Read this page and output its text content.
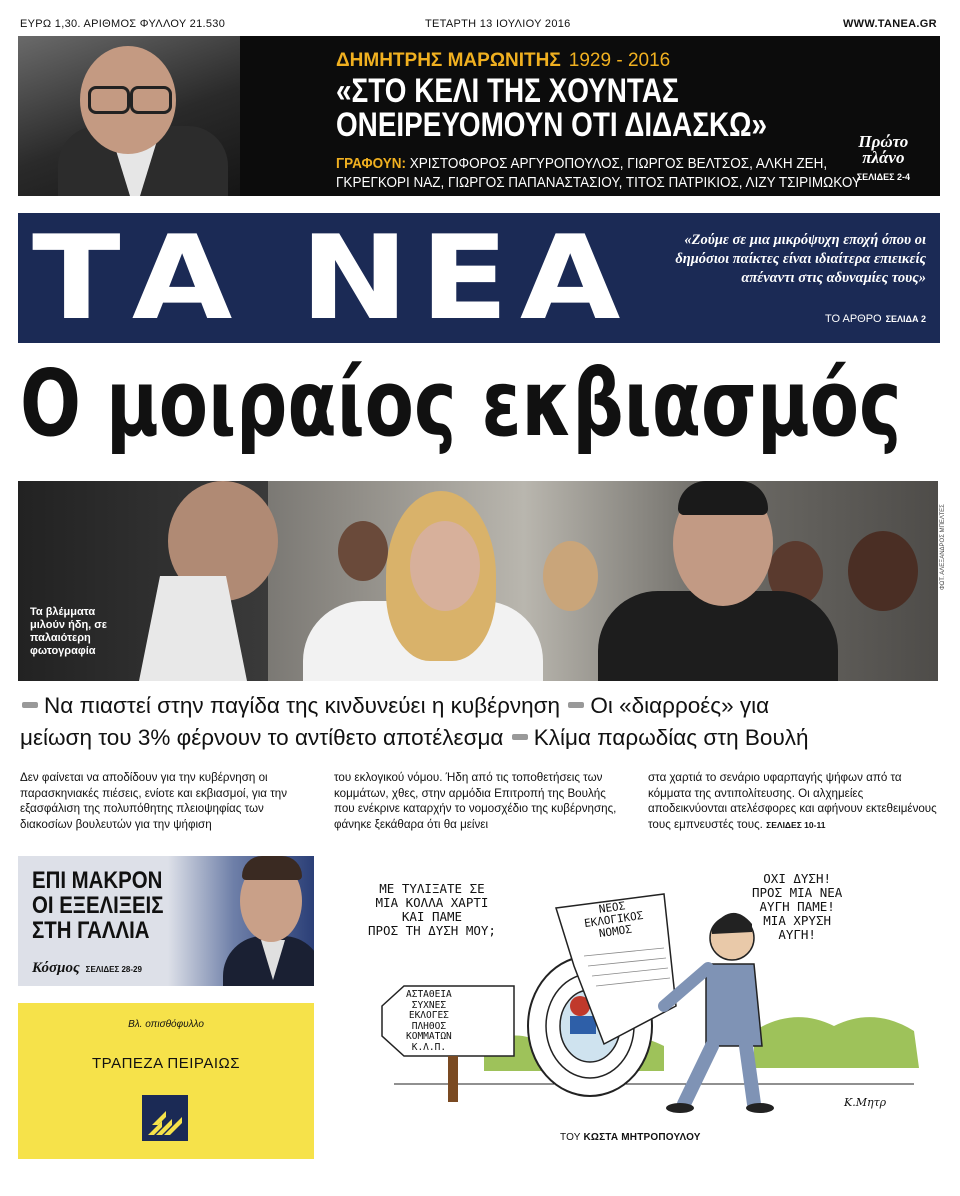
ΕΥΡΩ 1,30. ΑΡΙΘΜΟΣ ΦΥΛΛΟΥ 21.530	ΤΕΤΑΡΤΗ 13 ΙΟΥΛΙΟΥ 2016	WWW.TANEA.GR
ΔΗΜΗΤΡΗΣ ΜΑΡΩΝΙΤΗΣ 1929 - 2016
«ΣΤΟ ΚΕΛΙ ΤΗΣ ΧΟΥΝΤΑΣ
ΟΝΕΙΡΕΥΟΜΟΥΝ ΟΤΙ ΔΙΔΑΣΚΩ»
ΓΡΑΦΟΥΝ: ΧΡΙΣΤΟΦΟΡΟΣ ΑΡΓΥΡΟΠΟΥΛΟΣ, ΓΙΩΡΓΟΣ ΒΕΛΤΣΟΣ, ΑΛΚΗ ΖΕΗ,
ΓΚΡΕΓΚΟΡΙ ΝΑΖ, ΓΙΩΡΓΟΣ ΠΑΠΑΝΑΣΤΑΣΙΟΥ, ΤΙΤΟΣ ΠΑΤΡΙΚΙΟΣ, ΛΙΖΥ ΤΣΙΡΙΜΩΚΟΥ
Πρώτο
πλάνο
ΣΕΛΙΔΕΣ 2-4
ΤΑ ΝΕΑ	«Ζούμε σε μια μικρόψυχη εποχή όπου οι δημόσιοι παίκτες είναι ιδιαίτερα επιεικείς απέναντι στις αδυναμίες τους»
ΤΟ ΑΡΘΡΟ ΣΕΛΙΔΑ 2
Ο μοιραίος εκβιασμός
Τα βλέμματα μιλούν ήδη, σε παλαιότερη φωτογραφία
ΦΩΤ. ΑΛΕΞΑΝΔΡΟΣ ΜΠΕΛΤΕΣ
Να πιαστεί στην παγίδα της κινδυνεύει η κυβέρνηση Οι «διαρροές» για
μείωση του 3% φέρνουν το αντίθετο αποτέλεσμα Κλίμα παρωδίας στη Βουλή
Δεν φαίνεται να αποδίδουν για την κυβέρνηση οι παρασκηνιακές πιέσεις, ενίοτε και εκβιασμοί, για την εξασφάλιση της πολυπόθητης πλειοψηφίας των διακοσίων βουλευτών για την ψήφιση
του εκλογικού νόμου. Ήδη από τις τοποθετήσεις των κομμάτων, χθες, στην αρμόδια Επιτροπή της Βουλής που ενέκρινε καταρχήν το νομοσχέδιο της κυβέρνησης, φάνηκε ξεκάθαρα ότι θα μείνει
στα χαρτιά το σενάριο υφαρπαγής ψήφων από τα κόμματα της αντιπολίτευσης. Οι αλχημείες αποδεικνύονται ατελέσφορες και αφήνουν εκτεθειμένους τους εμπνευστές τους. ΣΕΛΙΔΕΣ 10-11
ΕΠΙ ΜΑΚΡΟΝ
ΟΙ ΕΞΕΛΙΞΕΙΣ
ΣΤΗ ΓΑΛΛΙΑ
Κόσμος ΣΕΛΙΔΕΣ 28-29
Βλ. οπισθόφυλλο
ΤΡΑΠΕΖΑ ΠΕΙΡΑΙΩΣ
ΜΕ ΤΥΛΙΞΑΤΕ ΣΕ
ΜΙΑ ΚΟΛΛΑ ΧΑΡΤΙ
ΚΑΙ ΠΑΜΕ
ΠΡΟΣ ΤΗ ΔΥΣΗ ΜΟΥ;
ΟΧΙ ΔΥΣΗ!
ΠΡΟΣ ΜΙΑ ΝΕΑ
ΑΥΓΗ ΠΑΜΕ!
ΜΙΑ ΧΡΥΣΗ
ΑΥΓΗ!
ΝΕΟΣ
ΕΚΛΟΓΙΚΟΣ
ΝΟΜΟΣ
ΑΣΤΑΘΕΙΑ
ΣΥΧΝΕΣ
ΕΚΛΟΓΕΣ
ΠΛΗΘΟΣ
ΚΟΜΜΑΤΩΝ
Κ.Λ.Π.
Κ.Μητρ
ΤΟΥ ΚΩΣΤΑ ΜΗΤΡΟΠΟΥΛΟΥ
